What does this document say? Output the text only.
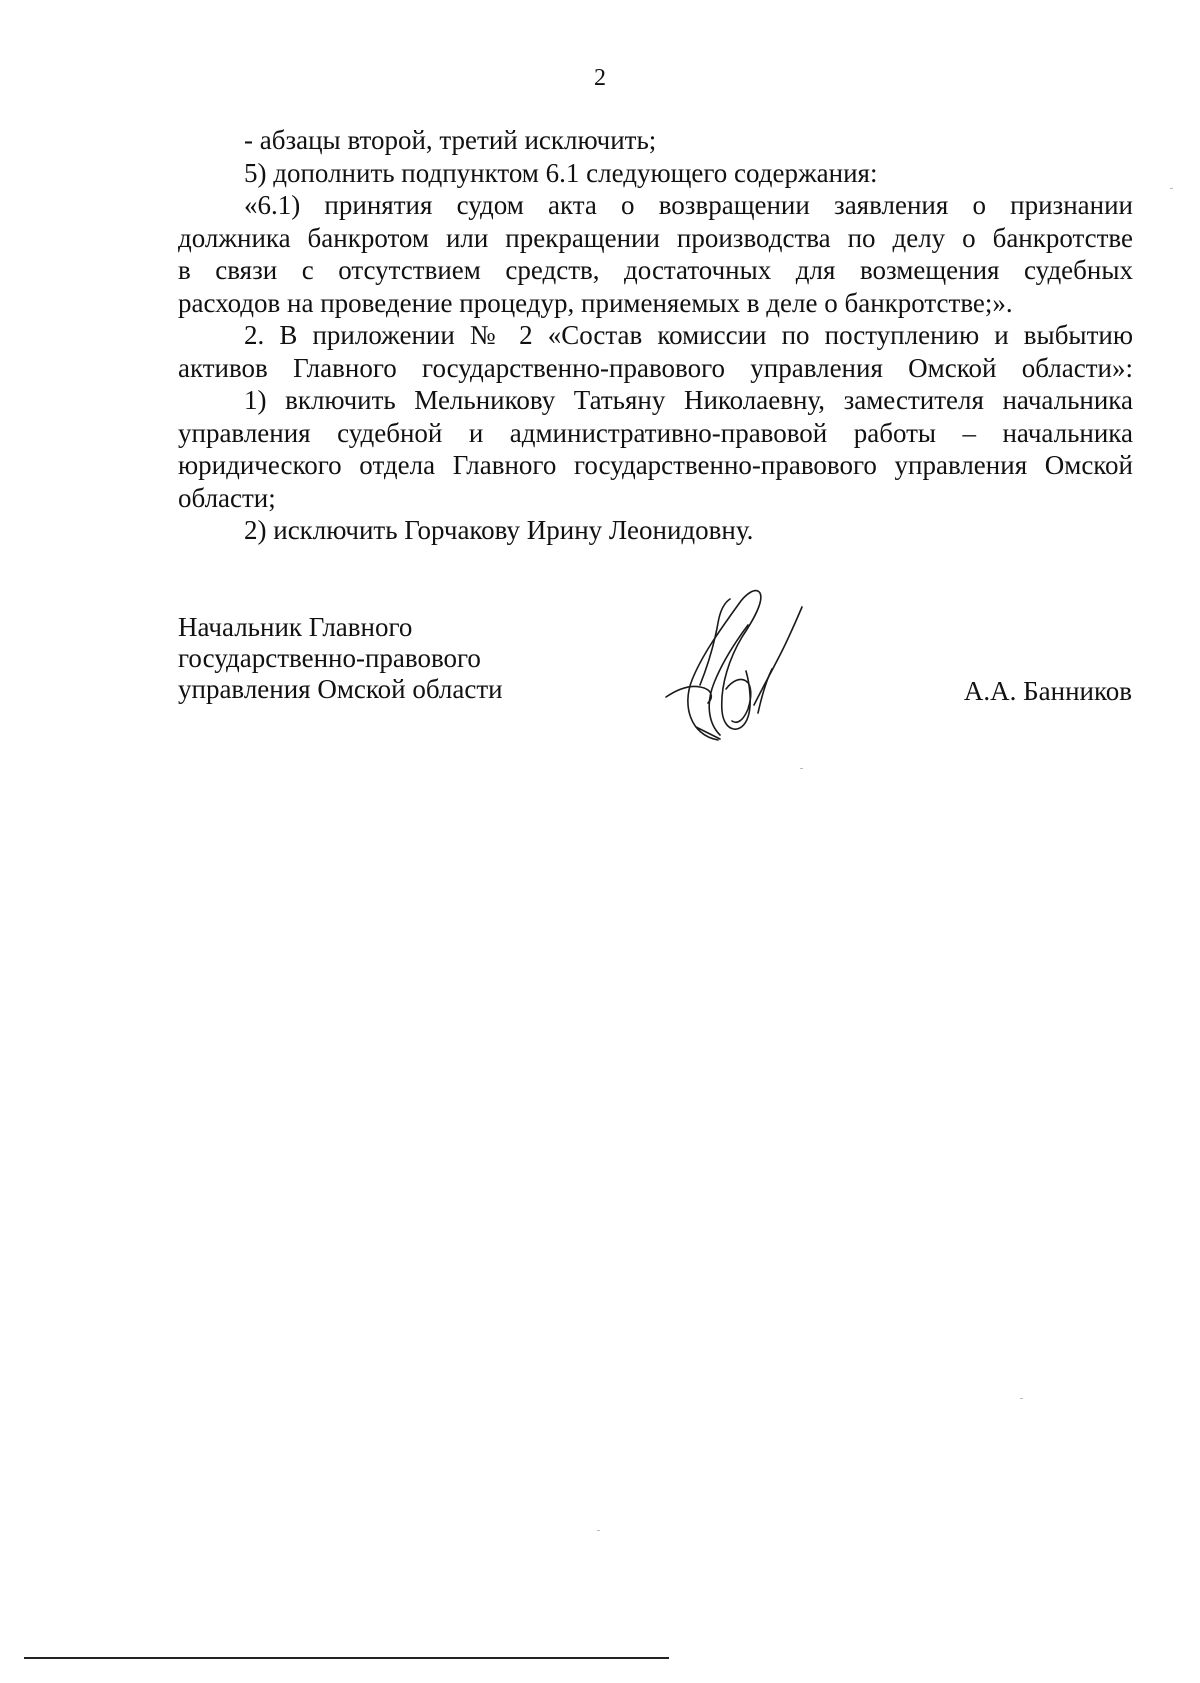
2

- абзацы второй, третий исключить;

5) дополнить подпунктом 6.1 следующего содержания:

«6.1) принятия судом акта о возвращении заявления о признании
должника банкротом или прекращении производства по делу о банкротстве
в связи с отсутствием средств, достаточных для возмещения судебных
расходов на проведение процедур, применяемых в деле о банкротстве;».
2. В приложении № 2 «Состав комиссии по поступлению и выбытию
активов Главного государственно-правового управления Омской области»:
1) включить Мельникову Татьяну Николаевну, заместителя начальника
управления судебной и административно-правовой работы – начальника
юридического отдела Главного государственно-правового управления Омской
области;

2) исключить Горчакову Ирину Леонидовну.

Начальник Главного
государственно-правового
управления Омской области	А.А. Банников
